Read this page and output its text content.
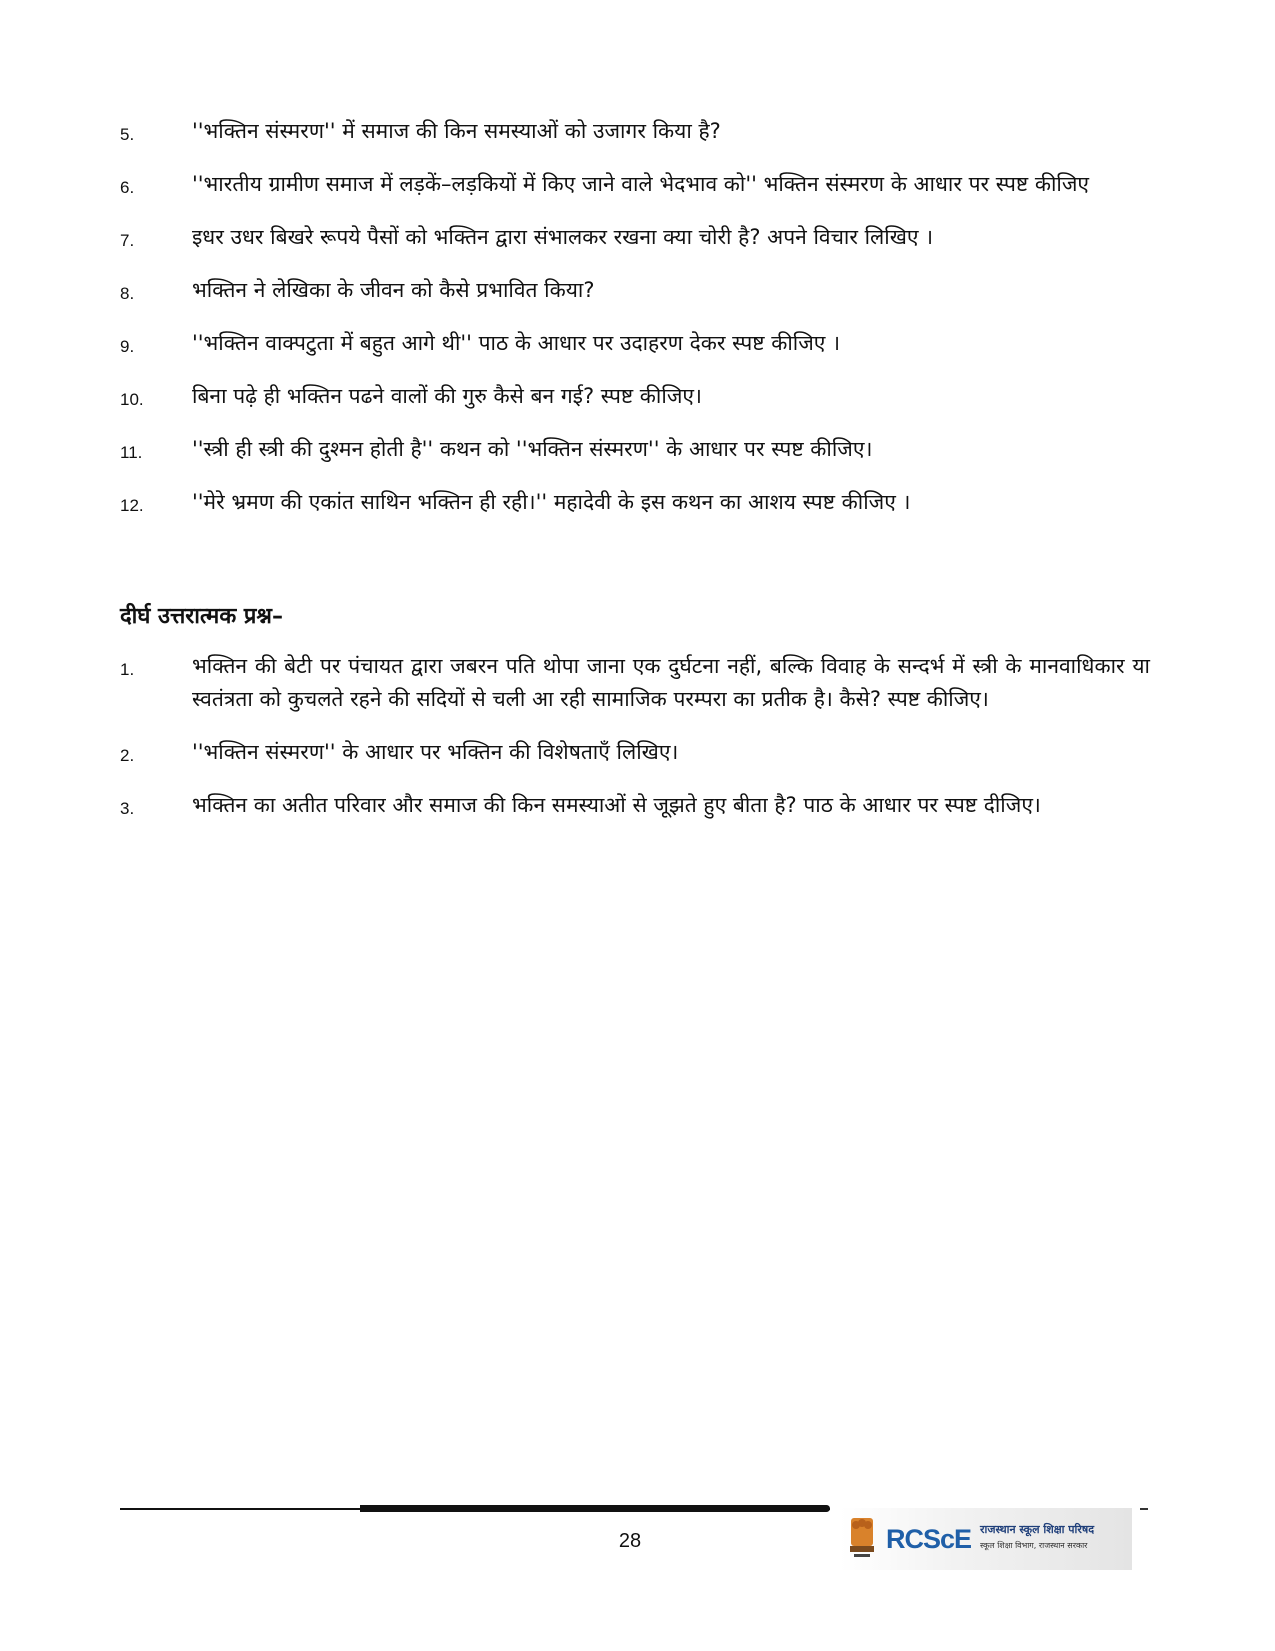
5.	''भक्तिन संस्मरण'' में समाज की किन समस्याओं को उजागर किया है?
6.	''भारतीय ग्रामीण समाज में लड़कें–लड़कियों में किए जाने वाले भेदभाव को'' भक्तिन संस्मरण के आधार पर स्पष्ट कीजिए
7.	इधर उधर बिखरे रूपये पैसों को भक्तिन द्वारा संभालकर रखना क्या चोरी है? अपने विचार लिखिए ।
8.	भक्तिन ने लेखिका के जीवन को कैसे प्रभावित किया?
9.	''भक्तिन वाक्पटुता में बहुत आगे थी'' पाठ के आधार पर उदाहरण देकर स्पष्ट कीजिए ।
10. बिना पढ़े ही भक्तिन पढने वालों की गुरु कैसे बन गई? स्पष्ट कीजिए।
11. ''स्त्री ही स्त्री की दुश्मन होती है'' कथन को ''भक्तिन संस्मरण'' के आधार पर स्पष्ट कीजिए।
12. ''मेरे भ्रमण की एकांत साथिन भक्तिन ही रही।'' महादेवी के इस कथन का आशय स्पष्ट कीजिए ।
दीर्घ उत्तरात्मक प्रश्न–
1.	भक्तिन की बेटी पर पंचायत द्वारा जबरन पति थोपा जाना एक दुर्घटना नहीं, बल्कि विवाह के सन्दर्भ में स्त्री के मानवाधिकार या स्वतंत्रता को कुचलते रहने की सदियों से चली आ रही सामाजिक परम्परा का प्रतीक है। कैसे? स्पष्ट कीजिए।
2.	''भक्तिन संस्मरण'' के आधार पर भक्तिन की विशेषताएँ लिखिए।
3.	भक्तिन का अतीत परिवार और समाज की किन समस्याओं से जूझते हुए बीता है? पाठ के आधार पर स्पष्ट दीजिए।
28	RCScE राजस्थान स्कूल शिक्षा परिषद
स्कूल शिक्षा विभाग, राजस्थान सरकार
